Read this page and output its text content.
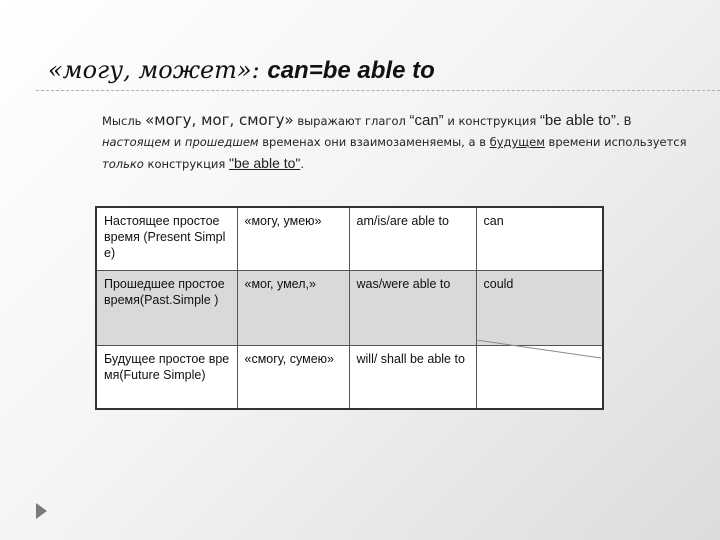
«могу, может»: can=be able to
Мысль «могу, мог, смогу» выражают глагол “can” и конструкция “be able to”. В настоящем и прошедшем временах они взаимозаменяемы, а в будущем времени используется только конструкция "be able to".
Настоящее простое время (Present Simple)	«могу, умею»	am/is/are able to	can
Прошедшее простое время(Past.Simple )	«мог, умел,»	was/were able to	could
Будущее простое время(Future Simple)	«смогу, сумею»	will/ shall be able to	
